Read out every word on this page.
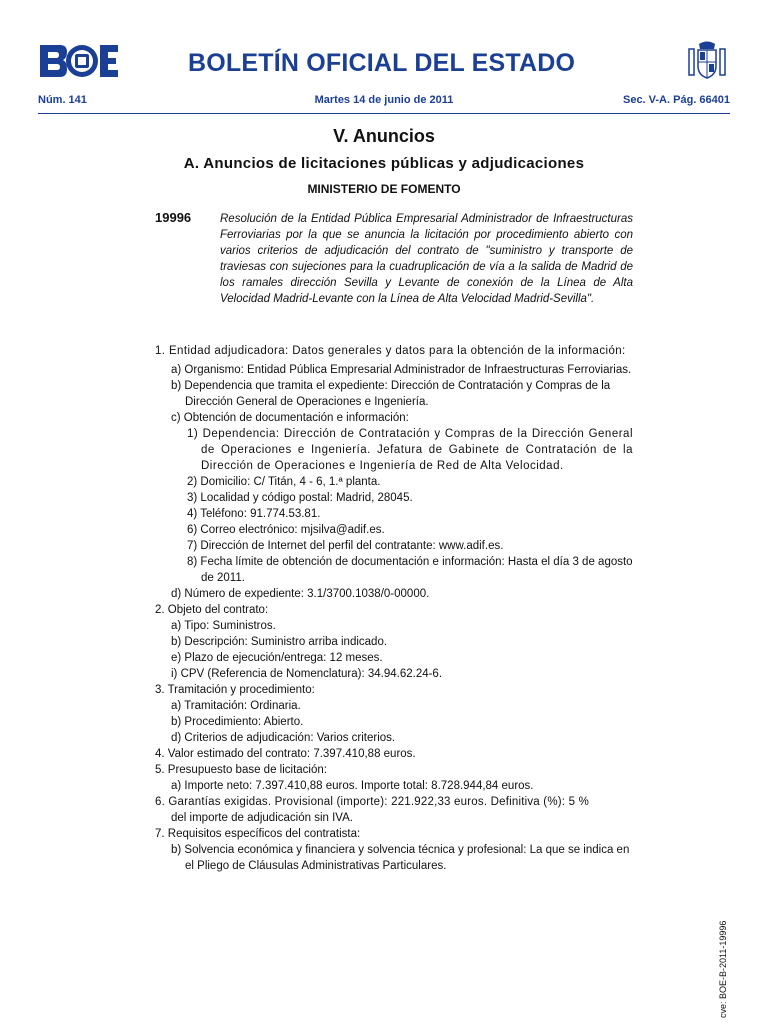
BOLETÍN OFICIAL DEL ESTADO
Núm. 141	Martes 14 de junio de 2011	Sec. V-A. Pág. 66401
V. Anuncios
A. Anuncios de licitaciones públicas y adjudicaciones
MINISTERIO DE FOMENTO
19996	Resolución de la Entidad Pública Empresarial Administrador de Infraestructuras Ferroviarias por la que se anuncia la licitación por procedimiento abierto con varios criterios de adjudicación del contrato de "suministro y transporte de traviesas con sujeciones para la cuadruplicación de vía a la salida de Madrid de los ramales dirección Sevilla y Levante de conexión de la Línea de Alta Velocidad Madrid-Levante con la Línea de Alta Velocidad Madrid-Sevilla".

1. Entidad adjudicadora: Datos generales y datos para la obtención de la información:

a) Organismo: Entidad Pública Empresarial Administrador de Infraestructuras Ferroviarias.

b) Dependencia que tramita el expediente: Dirección de Contratación y Compras de la Dirección General de Operaciones e Ingeniería.

c) Obtención de documentación e información:

1) Dependencia: Dirección de Contratación y Compras de la Dirección General de Operaciones e Ingeniería. Jefatura de Gabinete de Contratación de la Dirección de Operaciones e Ingeniería de Red de Alta Velocidad.

2) Domicilio: C/ Titán, 4 - 6, 1.ª planta.

3) Localidad y código postal: Madrid, 28045.

4) Teléfono: 91.774.53.81.

6) Correo electrónico: mjsilva@adif.es.

7) Dirección de Internet del perfil del contratante: www.adif.es.

8) Fecha límite de obtención de documentación e información: Hasta el día 3 de agosto de 2011.

d) Número de expediente: 3.1/3700.1038/0-00000.

2. Objeto del contrato:

a) Tipo: Suministros.

b) Descripción: Suministro arriba indicado.

e) Plazo de ejecución/entrega: 12 meses.

i) CPV (Referencia de Nomenclatura): 34.94.62.24-6.

3. Tramitación y procedimiento:

a) Tramitación: Ordinaria.

b) Procedimiento: Abierto.

d) Criterios de adjudicación: Varios criterios.

4. Valor estimado del contrato: 7.397.410,88 euros.

5. Presupuesto base de licitación:

a) Importe neto: 7.397.410,88 euros. Importe total: 8.728.944,84 euros.

6. Garantías exigidas. Provisional (importe): 221.922,33 euros. Definitiva (%): 5 %

del importe de adjudicación sin IVA.

7. Requisitos específicos del contratista:

b) Solvencia económica y financiera y solvencia técnica y profesional: La que se indica en el Pliego de Cláusulas Administrativas Particulares.

cve: BOE-B-2011-19996
